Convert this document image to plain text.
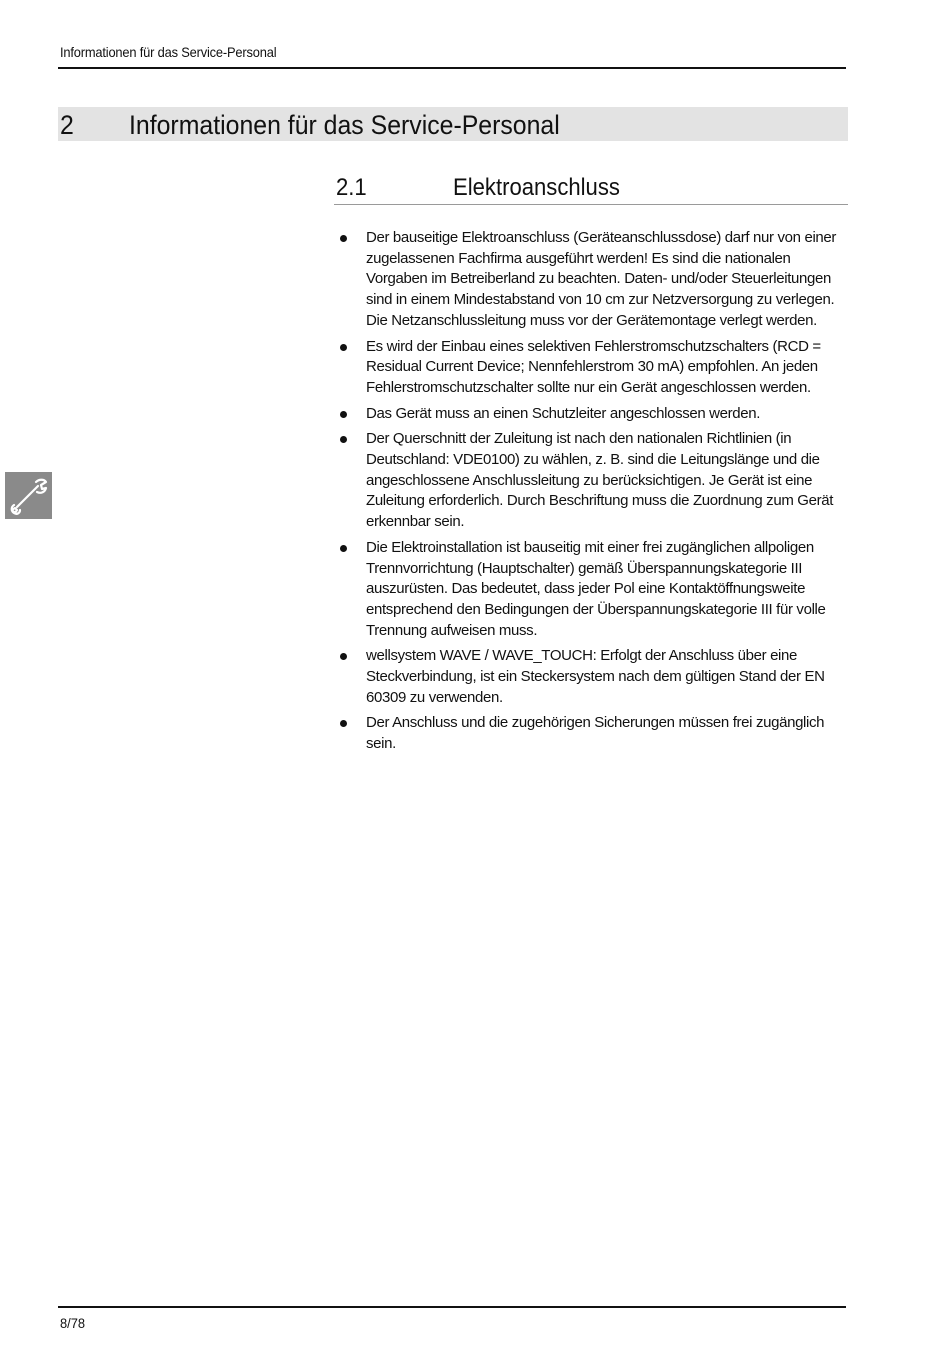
Informationen für das Service-Personal
2 Informationen für das Service-Personal
2.1	Elektroanschluss
Der bauseitige Elektroanschluss (Geräteanschlussdose) darf nur von einer zugelassenen Fachfirma ausgeführt werden! Es sind die nationalen Vorgaben im Betreiberland zu beachten. Daten- und/oder Steuerleitungen sind in einem Mindestabstand von 10 cm zur Netzversorgung zu verlegen. Die Netzanschlussleitung muss vor der Gerätemontage verlegt werden.
Es wird der Einbau eines selektiven Fehlerstromschutzschalters (RCD = Residual Current Device; Nennfehlerstrom 30 mA) empfohlen. An jeden Fehlerstromschutzschalter sollte nur ein Gerät angeschlossen werden.
Das Gerät muss an einen Schutzleiter angeschlossen werden.
Der Querschnitt der Zuleitung ist nach den nationalen Richtlinien (in Deutschland: VDE0100) zu wählen, z. B. sind die Leitungslänge und die angeschlossene Anschlussleitung zu berücksichtigen. Je Gerät ist eine Zuleitung erforderlich. Durch Beschriftung muss die Zuordnung zum Gerät erkennbar sein.
Die Elektroinstallation ist bauseitig mit einer frei zugänglichen allpoligen Trennvorrichtung (Hauptschalter) gemäß Überspannungskategorie III auszurüsten. Das bedeutet, dass jeder Pol eine Kontaktöffnungsweite entsprechend den Bedingungen der Überspannungskategorie III für volle Trennung aufweisen muss.
wellsystem WAVE / WAVE_TOUCH: Erfolgt der Anschluss über eine Steckverbindung, ist ein Steckersystem nach dem gültigen Stand der EN 60309 zu verwenden.
Der Anschluss und die zugehörigen Sicherungen müssen frei zugänglich sein.
8/78
